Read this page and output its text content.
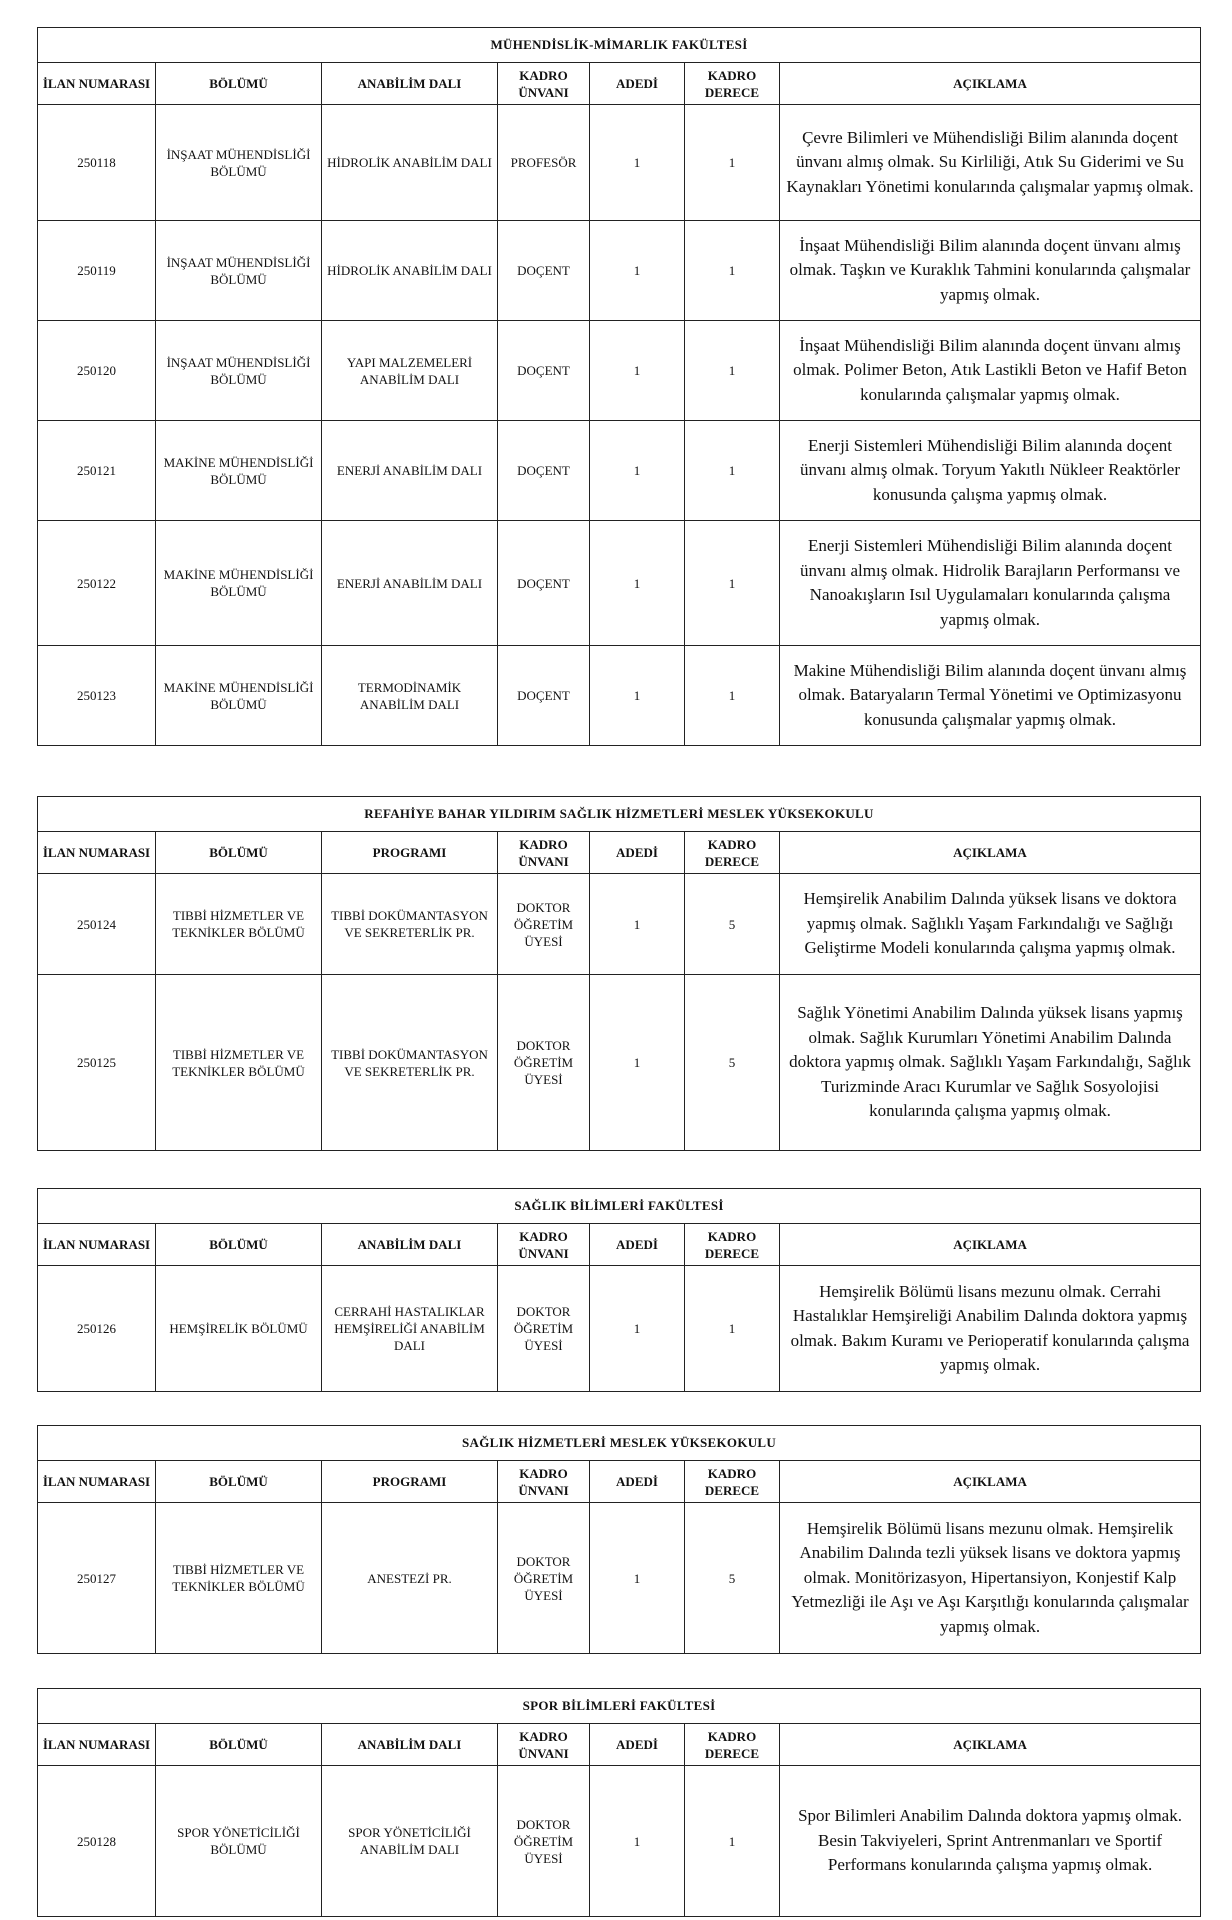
MÜHENDİSLİK-MİMARLIK FAKÜLTESİ						
İLAN NUMARASI	BÖLÜMÜ	ANABİLİM DALI	KADRO ÜNVANI	ADEDİ	KADRO DERECE	AÇIKLAMA
250118	İNŞAAT MÜHENDİSLİĞİ BÖLÜMÜ	HİDROLİK ANABİLİM DALI	PROFESÖR	1	1	Çevre Bilimleri ve Mühendisliği Bilim alanında doçent ünvanı almış olmak. Su Kirliliği, Atık Su Giderimi ve Su Kaynakları Yönetimi konularında çalışmalar yapmış olmak.
250119	İNŞAAT MÜHENDİSLİĞİ BÖLÜMÜ	HİDROLİK ANABİLİM DALI	DOÇENT	1	1	İnşaat Mühendisliği Bilim alanında doçent ünvanı almış olmak. Taşkın ve Kuraklık Tahmini konularında çalışmalar yapmış olmak.
250120	İNŞAAT MÜHENDİSLİĞİ BÖLÜMÜ	YAPI MALZEMELERİ ANABİLİM DALI	DOÇENT	1	1	İnşaat Mühendisliği Bilim alanında doçent ünvanı almış olmak. Polimer Beton, Atık Lastikli Beton ve Hafif Beton konularında çalışmalar yapmış olmak.
250121	MAKİNE MÜHENDİSLİĞİ BÖLÜMÜ	ENERJİ ANABİLİM DALI	DOÇENT	1	1	Enerji Sistemleri Mühendisliği Bilim alanında doçent ünvanı almış olmak. Toryum Yakıtlı Nükleer Reaktörler konusunda çalışma yapmış olmak.
250122	MAKİNE MÜHENDİSLİĞİ BÖLÜMÜ	ENERJİ ANABİLİM DALI	DOÇENT	1	1	Enerji Sistemleri Mühendisliği Bilim alanında doçent ünvanı almış olmak. Hidrolik Barajların Performansı ve Nanoakışların Isıl Uygulamaları konularında çalışma yapmış olmak.
250123	MAKİNE MÜHENDİSLİĞİ BÖLÜMÜ	TERMODİNAMİK ANABİLİM DALI	DOÇENT	1	1	Makine Mühendisliği Bilim alanında doçent ünvanı almış olmak. Bataryaların Termal Yönetimi ve Optimizasyonu konusunda çalışmalar yapmış olmak.
REFAHİYE BAHAR YILDIRIM SAĞLIK HİZMETLERİ MESLEK YÜKSEKOKULU						
İLAN NUMARASI	BÖLÜMÜ	PROGRAMI	KADRO ÜNVANI	ADEDİ	KADRO DERECE	AÇIKLAMA
250124	TIBBİ HİZMETLER VE TEKNİKLER BÖLÜMÜ	TIBBİ DOKÜMANTASYON VE SEKRETERLİK PR.	DOKTOR ÖĞRETİM ÜYESİ	1	5	Hemşirelik Anabilim Dalında yüksek lisans ve doktora yapmış olmak. Sağlıklı Yaşam Farkındalığı ve Sağlığı Geliştirme Modeli konularında çalışma yapmış olmak.
250125	TIBBİ HİZMETLER VE TEKNİKLER BÖLÜMÜ	TIBBİ DOKÜMANTASYON VE SEKRETERLİK PR.	DOKTOR ÖĞRETİM ÜYESİ	1	5	Sağlık Yönetimi Anabilim Dalında yüksek lisans yapmış olmak. Sağlık Kurumları Yönetimi Anabilim Dalında doktora yapmış olmak. Sağlıklı Yaşam Farkındalığı, Sağlık Turizminde Aracı Kurumlar ve Sağlık Sosyolojisi konularında çalışma yapmış olmak.
SAĞLIK BİLİMLERİ FAKÜLTESİ						
İLAN NUMARASI	BÖLÜMÜ	ANABİLİM DALI	KADRO ÜNVANI	ADEDİ	KADRO DERECE	AÇIKLAMA
250126	HEMŞİRELİK BÖLÜMÜ	CERRAHİ HASTALIKLAR HEMŞİRELİĞİ ANABİLİM DALI	DOKTOR ÖĞRETİM ÜYESİ	1	1	Hemşirelik Bölümü lisans mezunu olmak. Cerrahi Hastalıklar Hemşireliği Anabilim Dalında doktora yapmış olmak. Bakım Kuramı ve Perioperatif konularında çalışma yapmış olmak.
SAĞLIK HİZMETLERİ MESLEK YÜKSEKOKULU						
İLAN NUMARASI	BÖLÜMÜ	PROGRAMI	KADRO ÜNVANI	ADEDİ	KADRO DERECE	AÇIKLAMA
250127	TIBBİ HİZMETLER VE TEKNİKLER BÖLÜMÜ	ANESTEZİ PR.	DOKTOR ÖĞRETİM ÜYESİ	1	5	Hemşirelik Bölümü lisans mezunu olmak. Hemşirelik Anabilim Dalında tezli yüksek lisans ve doktora yapmış olmak. Monitörizasyon, Hipertansiyon, Konjestif Kalp Yetmezliği ile Aşı ve Aşı Karşıtlığı konularında çalışmalar yapmış olmak.
SPOR BİLİMLERİ FAKÜLTESİ						
İLAN NUMARASI	BÖLÜMÜ	ANABİLİM DALI	KADRO ÜNVANI	ADEDİ	KADRO DERECE	AÇIKLAMA
250128	SPOR YÖNETİCİLİĞİ BÖLÜMÜ	SPOR YÖNETİCİLİĞİ ANABİLİM DALI	DOKTOR ÖĞRETİM ÜYESİ	1	1	Spor Bilimleri Anabilim Dalında doktora yapmış olmak. Besin Takviyeleri, Sprint Antrenmanları ve Sportif Performans konularında çalışma yapmış olmak.
